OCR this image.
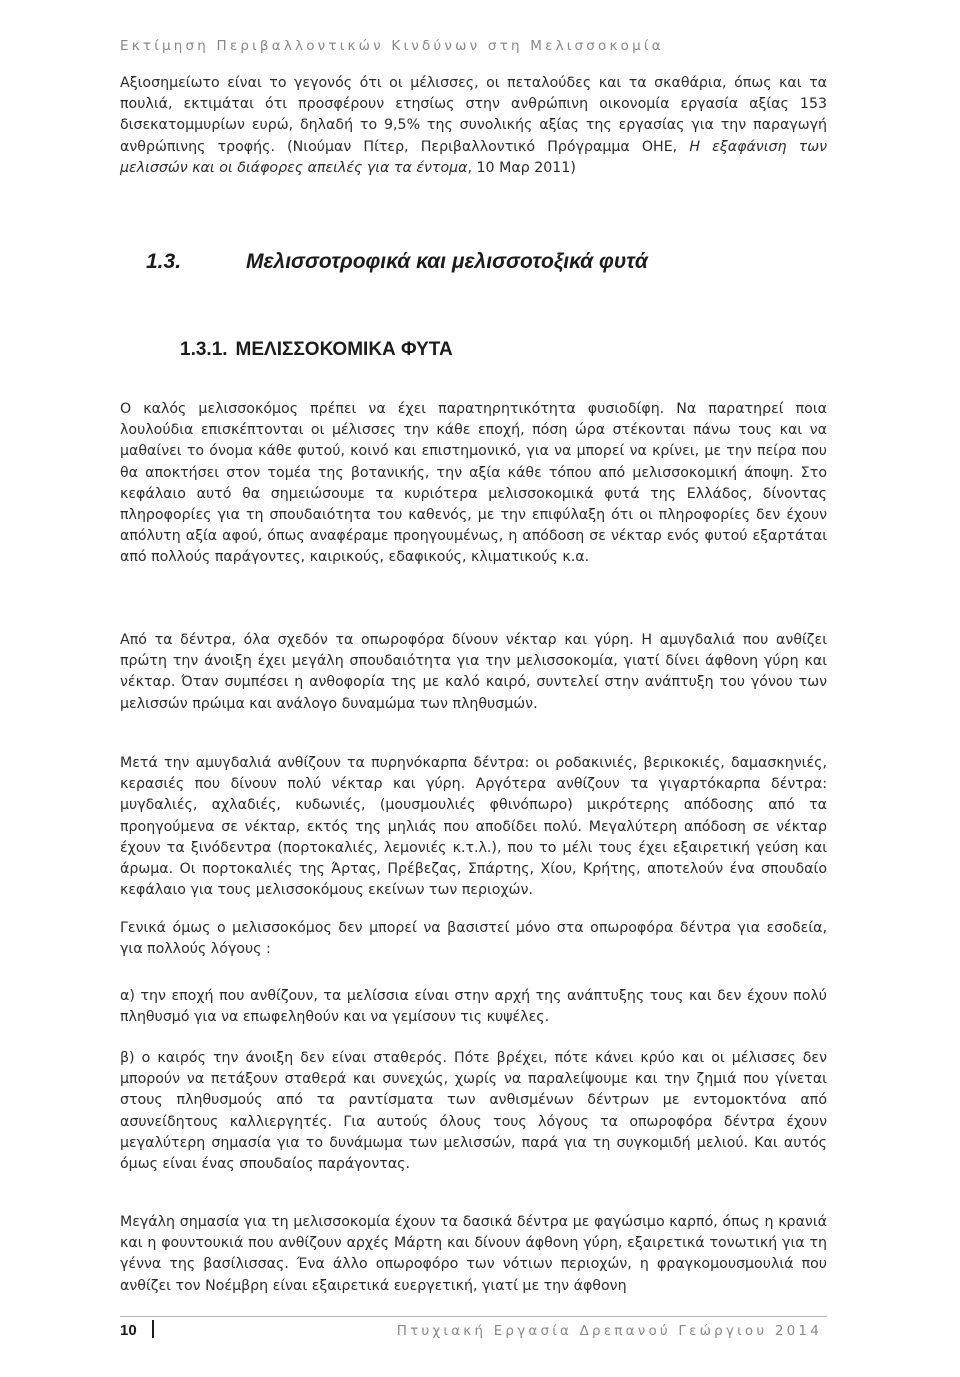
Εκτίμηση Περιβαλλοντικών Κινδύνων στη Μελισσοκομία

Αξιοσημείωτο είναι το γεγονός ότι οι μέλισσες, οι πεταλούδες και τα σκαθάρια, όπως και τα πουλιά, εκτιμάται ότι προσφέρουν ετησίως στην ανθρώπινη οικονομία εργασία αξίας 153 δισεκατομμυρίων ευρώ, δηλαδή το 9,5% της συνολικής αξίας της εργασίας για την παραγωγή ανθρώπινης τροφής. (Νιούμαν Πίτερ, Περιβαλλοντικό Πρόγραμμα ΟΗΕ, Η εξαφάνιση των μελισσών και οι διάφορες απειλές για τα έντομα, 10 Μαρ 2011)

1.3.	Μελισσοτροφικά και μελισσοτοξικά φυτά
1.3.1. ΜΕΛΙΣΣΟΚΟΜΙΚΑ ΦΥΤΑ

Ο καλός μελισσοκόμος πρέπει να έχει παρατηρητικότητα φυσιοδίφη. Να παρατηρεί ποια λουλούδια επισκέπτονται οι μέλισσες την κάθε εποχή, πόση ώρα στέκονται πάνω τους και να μαθαίνει το όνομα κάθε φυτού, κοινό και επιστημονικό, για να μπορεί να κρίνει, με την πείρα που θα αποκτήσει στον τομέα της βοτανικής, την αξία κάθε τόπου από μελισσοκομική άποψη. Στο κεφάλαιο αυτό θα σημειώσουμε τα κυριότερα μελισσοκομικά φυτά της Ελλάδος, δίνοντας πληροφορίες για τη σπουδαιότητα του καθενός, με την επιφύλαξη ότι οι πληροφορίες δεν έχουν απόλυτη αξία αφού, όπως αναφέραμε προηγουμένως, η απόδοση σε νέκταρ ενός φυτού εξαρτάται από πολλούς παράγοντες, καιρικούς, εδαφικούς, κλιματικούς κ.α.

Από τα δέντρα, όλα σχεδόν τα οπωροφόρα δίνουν νέκταρ και γύρη. Η αμυγδαλιά που ανθίζει πρώτη την άνοιξη έχει μεγάλη σπουδαιότητα για την μελισσοκομία, γιατί δίνει άφθονη γύρη και νέκταρ. Όταν συμπέσει η ανθοφορία της με καλό καιρό, συντελεί στην ανάπτυξη του γόνου των μελισσών πρώιμα και ανάλογο δυναμώμα των πληθυσμών.

Μετά την αμυγδαλιά ανθίζουν τα πυρηνόκαρπα δέντρα: οι ροδακινιές, βερικοκιές, δαμασκηνιές, κερασιές που δίνουν πολύ νέκταρ και γύρη. Αργότερα ανθίζουν τα γιγαρτόκαρπα δέντρα: μυγδαλιές, αχλαδιές, κυδωνιές, (μουσμουλιές φθινόπωρο) μικρότερης απόδοσης από τα προηγούμενα σε νέκταρ, εκτός της μηλιάς που αποδίδει πολύ. Μεγαλύτερη απόδοση σε νέκταρ έχουν τα ξινόδεντρα (πορτοκαλιές, λεμονιές κ.τ.λ.), που το μέλι τους έχει εξαιρετική γεύση και άρωμα. Οι πορτοκαλιές της Άρτας, Πρέβεζας, Σπάρτης, Χίου, Κρήτης, αποτελούν ένα σπουδαίο κεφάλαιο για τους μελισσοκόμους εκείνων των περιοχών.

Γενικά όμως ο μελισσοκόμος δεν μπορεί να βασιστεί μόνο στα οπωροφόρα δέντρα για εσοδεία, για πολλούς λόγους :

α) την εποχή που ανθίζουν, τα μελίσσια είναι στην αρχή της ανάπτυξης τους και δεν έχουν πολύ πληθυσμό για να επωφεληθούν και να γεμίσουν τις κυψέλες.

β) ο καιρός την άνοιξη δεν είναι σταθερός. Πότε βρέχει, πότε κάνει κρύο και οι μέλισσες δεν μπορούν να πετάξουν σταθερά και συνεχώς, χωρίς να παραλείψουμε και την ζημιά που γίνεται στους πληθυσμούς από τα ραντίσματα των ανθισμένων δέντρων με εντομοκτόνα από ασυνείδητους καλλιεργητές. Για αυτούς όλους τους λόγους τα οπωροφόρα δέντρα έχουν μεγαλύτερη σημασία για το δυνάμωμα των μελισσών, παρά για τη συγκομιδή μελιού. Και αυτός όμως είναι ένας σπουδαίος παράγοντας.

Μεγάλη σημασία για τη μελισσοκομία έχουν τα δασικά δέντρα με φαγώσιμο καρπό, όπως η κρανιά και η φουντουκιά που ανθίζουν αρχές Μάρτη και δίνουν άφθονη γύρη, εξαιρετικά τονωτική για τη γέννα της βασίλισσας. Ένα άλλο οπωροφόρο των νότιων περιοχών, η φραγκομουσμουλιά που ανθίζει τον Νοέμβρη είναι εξαιρετικά ευεργετική, γιατί με την άφθονη

10	Πτυχιακή Εργασία Δρεπανού Γεώργιου 2014
